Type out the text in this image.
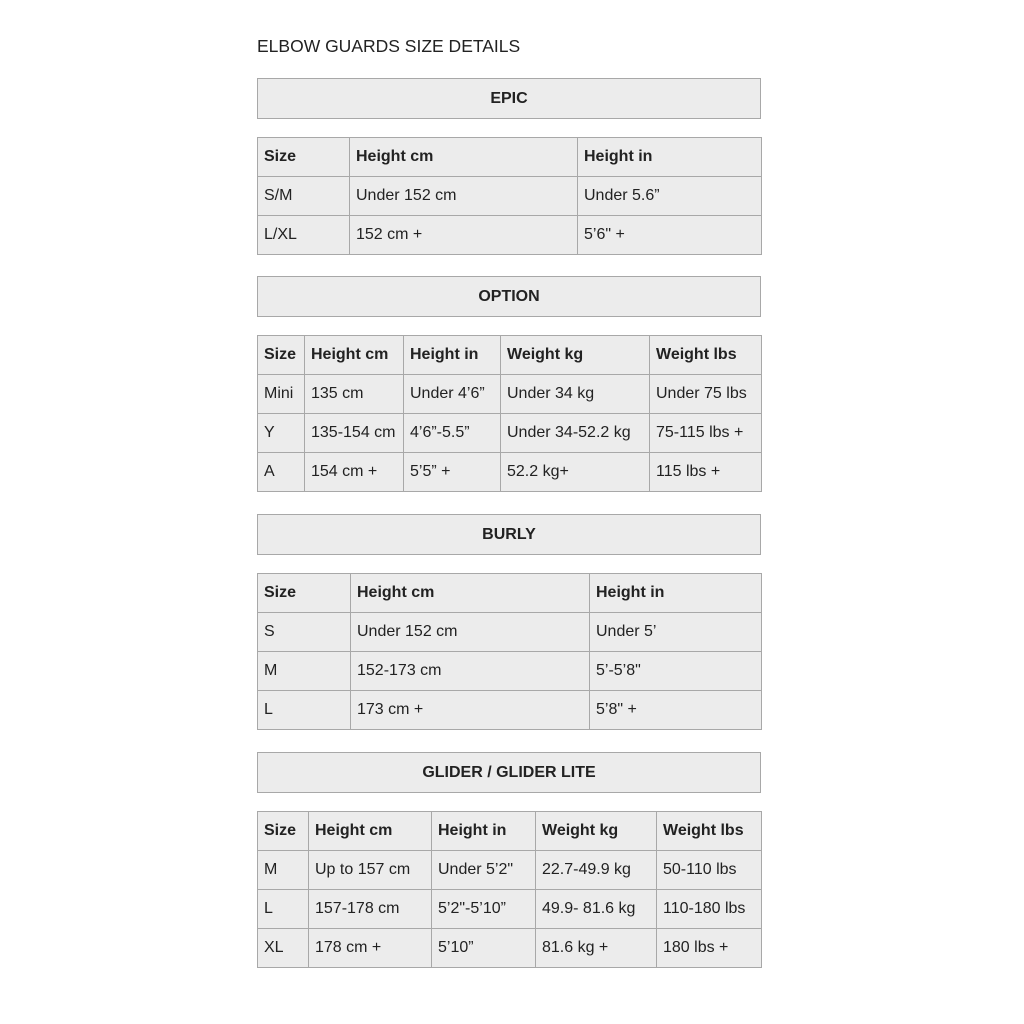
ELBOW GUARDS SIZE DETAILS
EPIC
Size	Height cm	Height in
S/M	Under 152 cm	Under 5.6”
L/XL	152 cm +	5’6" +
OPTION
Size	Height cm	Height in	Weight kg	Weight lbs
Mini	135 cm	Under 4’6”	Under 34 kg	Under 75 lbs
Y	135-154 cm	4’6”-5.5”	Under 34-52.2 kg	75-115 lbs +
A	154 cm +	5’5” +	52.2 kg+	115 lbs +
BURLY
Size	Height cm	Height in
S	Under 152 cm	Under 5’
M	152-173 cm	5’-5’8"
L	173 cm +	5’8" +
GLIDER / GLIDER LITE
Size	Height cm	Height in	Weight kg	Weight lbs
M	Up to 157 cm	Under 5’2"	22.7-49.9 kg	50-110 lbs
L	157-178 cm	5’2"-5’10”	49.9- 81.6 kg	110-180 lbs
XL	178 cm +	5’10”	81.6 kg +	180 lbs +
